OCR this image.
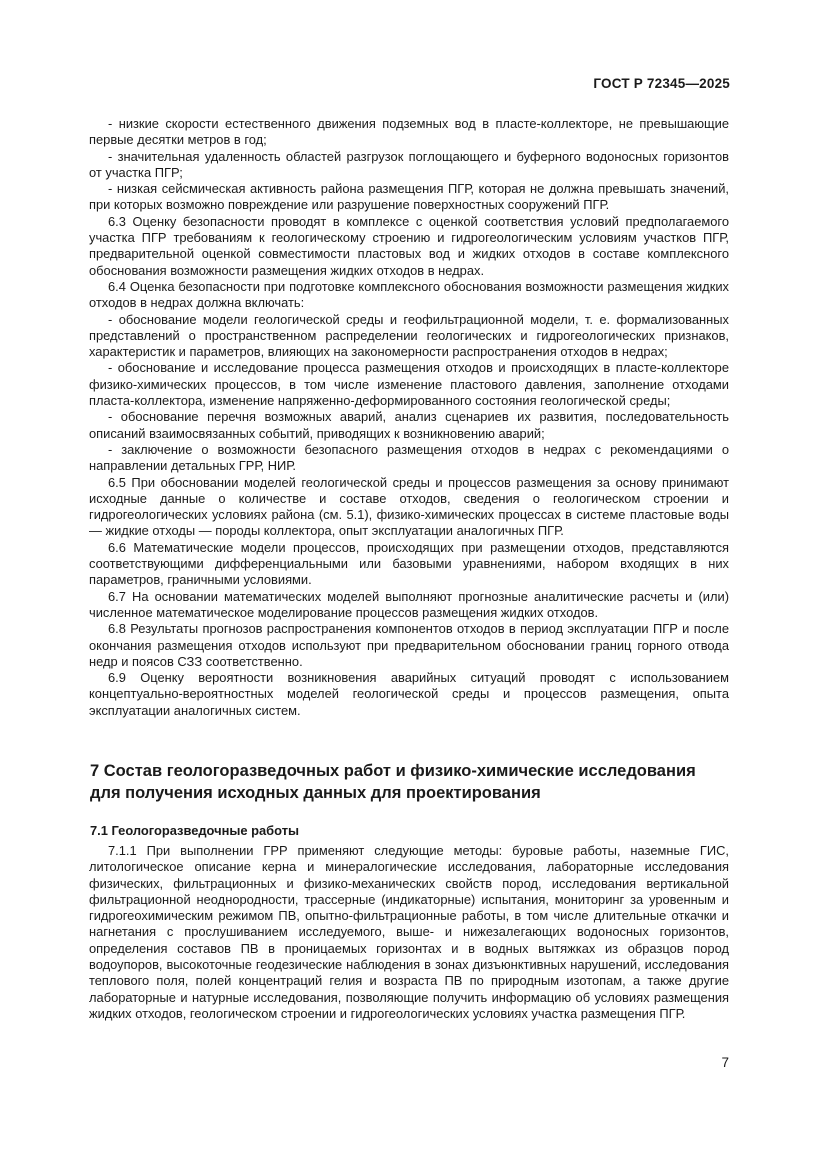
ГОСТ Р 72345—2025

- низкие скорости естественного движения подземных вод в пласте-коллекторе, не превышающие первые десятки метров в год;

- значительная удаленность областей разгрузок поглощающего и буферного водоносных горизонтов от участка ПГР;

- низкая сейсмическая активность района размещения ПГР, которая не должна превышать значений, при которых возможно повреждение или разрушение поверхностных сооружений ПГР.

6.3 Оценку безопасности проводят в комплексе с оценкой соответствия условий предполагаемого участка ПГР требованиям к геологическому строению и гидрогеологическим условиям участков ПГР, предварительной оценкой совместимости пластовых вод и жидких отходов в составе комплексного обоснования возможности размещения жидких отходов в недрах.

6.4 Оценка безопасности при подготовке комплексного обоснования возможности размещения жидких отходов в недрах должна включать:

- обоснование модели геологической среды и геофильтрационной модели, т. е. формализованных представлений о пространственном распределении геологических и гидрогеологических признаков, характеристик и параметров, влияющих на закономерности распространения отходов в недрах;

- обоснование и исследование процесса размещения отходов и происходящих в пласте-коллекторе физико-химических процессов, в том числе изменение пластового давления, заполнение отходами пласта-коллектора, изменение напряженно-деформированного состояния геологической среды;

- обоснование перечня возможных аварий, анализ сценариев их развития, последовательность описаний взаимосвязанных событий, приводящих к возникновению аварий;

- заключение о возможности безопасного размещения отходов в недрах с рекомендациями о направлении детальных ГРР, НИР.

6.5 При обосновании моделей геологической среды и процессов размещения за основу принимают исходные данные о количестве и составе отходов, сведения о геологическом строении и гидрогеологических условиях района (см. 5.1), физико-химических процессах в системе пластовые воды — жидкие отходы — породы коллектора, опыт эксплуатации аналогичных ПГР.

6.6 Математические модели процессов, происходящих при размещении отходов, представляются соответствующими дифференциальными или базовыми уравнениями, набором входящих в них параметров, граничными условиями.

6.7 На основании математических моделей выполняют прогнозные аналитические расчеты и (или) численное математическое моделирование процессов размещения жидких отходов.

6.8 Результаты прогнозов распространения компонентов отходов в период эксплуатации ПГР и после окончания размещения отходов используют при предварительном обосновании границ горного отвода недр и поясов СЗЗ соответственно.

6.9 Оценку вероятности возникновения аварийных ситуаций проводят с использованием концептуально-вероятностных моделей геологической среды и процессов размещения, опыта эксплуатации аналогичных систем.

7 Состав геологоразведочных работ и физико-химические исследования для получения исходных данных для проектирования
7.1 Геологоразведочные работы

7.1.1 При выполнении ГРР применяют следующие методы: буровые работы, наземные ГИС, литологическое описание керна и минералогические исследования, лабораторные исследования физических, фильтрационных и физико-механических свойств пород, исследования вертикальной фильтрационной неоднородности, трассерные (индикаторные) испытания, мониторинг за уровенным и гидрогеохимическим режимом ПВ, опытно-фильтрационные работы, в том числе длительные откачки и нагнетания с прослушиванием исследуемого, выше- и нижезалегающих водоносных горизонтов, определения составов ПВ в проницаемых горизонтах и в водных вытяжках из образцов пород водоупоров, высокоточные геодезические наблюдения в зонах дизъюнктивных нарушений, исследования теплового поля, полей концентраций гелия и возраста ПВ по природным изотопам, а также другие лабораторные и натурные исследования, позволяющие получить информацию об условиях размещения жидких отходов, геологическом строении и гидрогеологических условиях участка размещения ПГР.

7
